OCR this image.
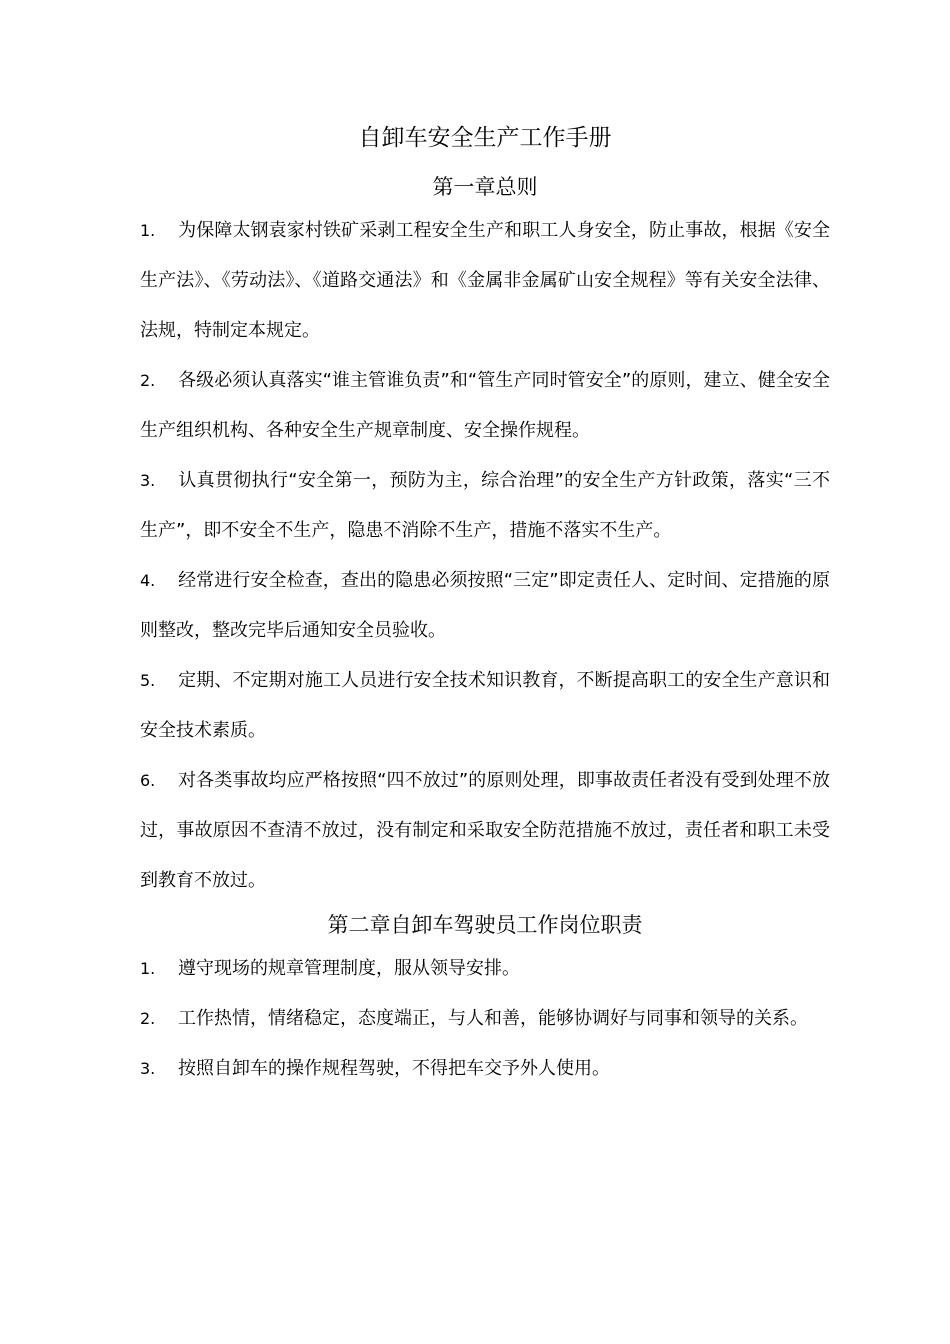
自卸车安全生产工作手册
第一章总则

1. 为保障太钢袁家村铁矿采剥工程安全生产和职工人身安全，防止事故，根据《安全生产法》、《劳动法》、《道路交通法》和《金属非金属矿山安全规程》等有关安全法律、法规，特制定本规定。

2. 各级必须认真落实“谁主管谁负责”和“管生产同时管安全”的原则，建立、健全安全生产组织机构、各种安全生产规章制度、安全操作规程。

3. 认真贯彻执行“安全第一，预防为主，综合治理”的安全生产方针政策，落实“三不生产”，即不安全不生产，隐患不消除不生产，措施不落实不生产。

4. 经常进行安全检查，查出的隐患必须按照“三定”即定责任人、定时间、定措施的原则整改，整改完毕后通知安全员验收。

5. 定期、不定期对施工人员进行安全技术知识教育，不断提高职工的安全生产意识和安全技术素质。

6. 对各类事故均应严格按照“四不放过”的原则处理，即事故责任者没有受到处理不放过，事故原因不查清不放过，没有制定和采取安全防范措施不放过，责任者和职工未受到教育不放过。

第二章自卸车驾驶员工作岗位职责

1. 遵守现场的规章管理制度，服从领导安排。

2. 工作热情，情绪稳定，态度端正，与人和善，能够协调好与同事和领导的关系。

3. 按照自卸车的操作规程驾驶，不得把车交予外人使用。
